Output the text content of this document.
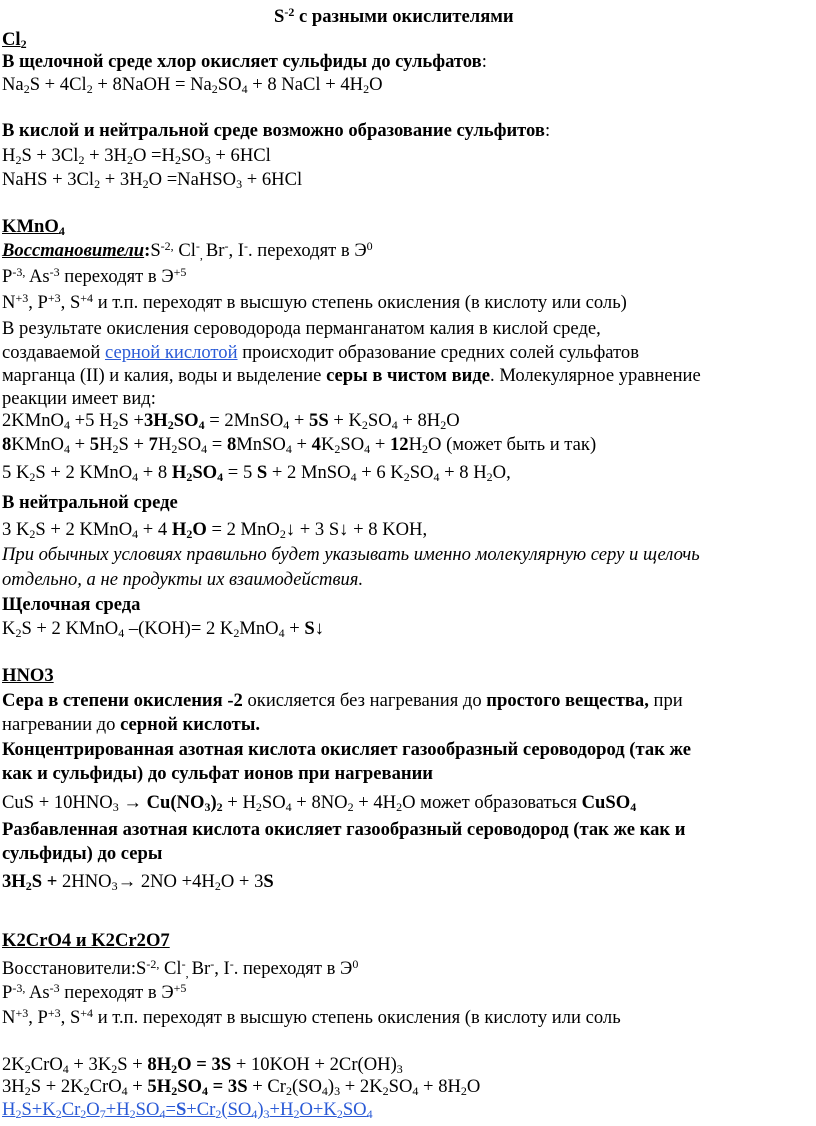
$S^{-2}$ с разными окислителями
$Cl_2$
В щелочной среде хлор окисляет сульфиды до сульфатов:
$Na_2S + 4Cl_2$ + 8NaOH = $Na_2SO_4 + 8$ NaCl + $4H_2O$
В кислой и нейтральной среде возможно образование сульфитов:
$H_2S + 3Cl_2 + 3H_2O =H_2SO_3 + 6HCl$
NaHS + $3Cl_2 + 3H_2O$ =NaHSO$_3$ + 6HCl
KMnO$_4$
$Восстановители:S^{-2,}$ $Cl^-_,$ Br-, I-. переходят в $Э^0$
$P^{-3,}$ $As^{-3}$ переходят в $Э^{+5}$
$N^{+3}$, $P^{+3}$, $S^{+4}$ и т.п. переходят в высшую степень окисления (в кислоту или соль)
В результате окисления сероводорода перманганатом калия в кислой среде,
создаваемой серной кислотой происходит образование средних солей сульфатов
марганца (II) и калия, воды и выделение серы в чистом виде. Молекулярное уравнение
реакции имеет вид:
2KMnO$_4$ +5 $H_2S +3H_2SO_4$ = 2MnSO$_4$ + $5S + K_2SO_4 + 8H_2O$
8KMnO$_4$ + $5H_2S + 7H_2SO_4$ = 8MnSO$_4$ + $4K_2SO_4 + 12H_2O$ (может быть и так)
5 $K_2S + 2$ KMnO$_4$ + 8 $H_2SO_4 = 5$ S + 2 MnSO$_4$ + 6 $K_2SO_4 + 8$ $H_2O$,
В нейтральной среде
3 $K_2S + 2$ KMnO$_4$ + 4 $H_2O = 2$ MnO$_2$↓ + 3 S↓ + 8 KOH,
При обычных условиях правильно будет указывать именно молекулярную серу и щелочь
отдельно, а не продукты их взаимодействия.
Щелочная среда
$K_2S + 2$ KMnO$_4$ –(KOH)= 2 $K_2MnO_4$ + S↓
HNO3
Сера в степени окисления -2 окисляется без нагревания до простого вещества, при
нагревании до серной кислоты.
Концентрированная азотная кислота окисляет газообразный сероводород (так же
как и сульфиды) до сульфат ионов при нагревании
CuS + $10HNO_3 \to Cu(NO_3)_2 + H_2SO_4 + 8NO_2 + 4H_2O$ может образоваться CuSO$_4$
Разбавленная азотная кислота окисляет газообразный сероводород (так же как и
сульфиды) до серы
$3H_2S + 2HNO_3\to 2NO +4H_2O + 3S$
K2CrO4 и K2Cr2O7
$Восстановители:S^{-2,}$ $Cl^-_,$ Br-, I-. переходят в $Э^0$
$P^{-3,}$ $As^{-3}$ переходят в $Э^{+5}$
$N^{+3}$, $P^{+3}$, $S^{+4}$ и т.п. переходят в высшую степень окисления (в кислоту или соль
$2K_2CrO_4 + 3K_2S + 8H_2O = 3S + 10KOH + 2Cr(OH)_3$
$3H_2S + 2K_2CrO_4 + 5H_2SO_4 = 3S + Cr_2(SO_4)_3 + 2K_2SO_4 + 8H_2O$
$H_2S+K_2Cr_2O_7+H_2SO_4=S+Cr_2(SO_4)_3+H_2O+K_2SO_4$
